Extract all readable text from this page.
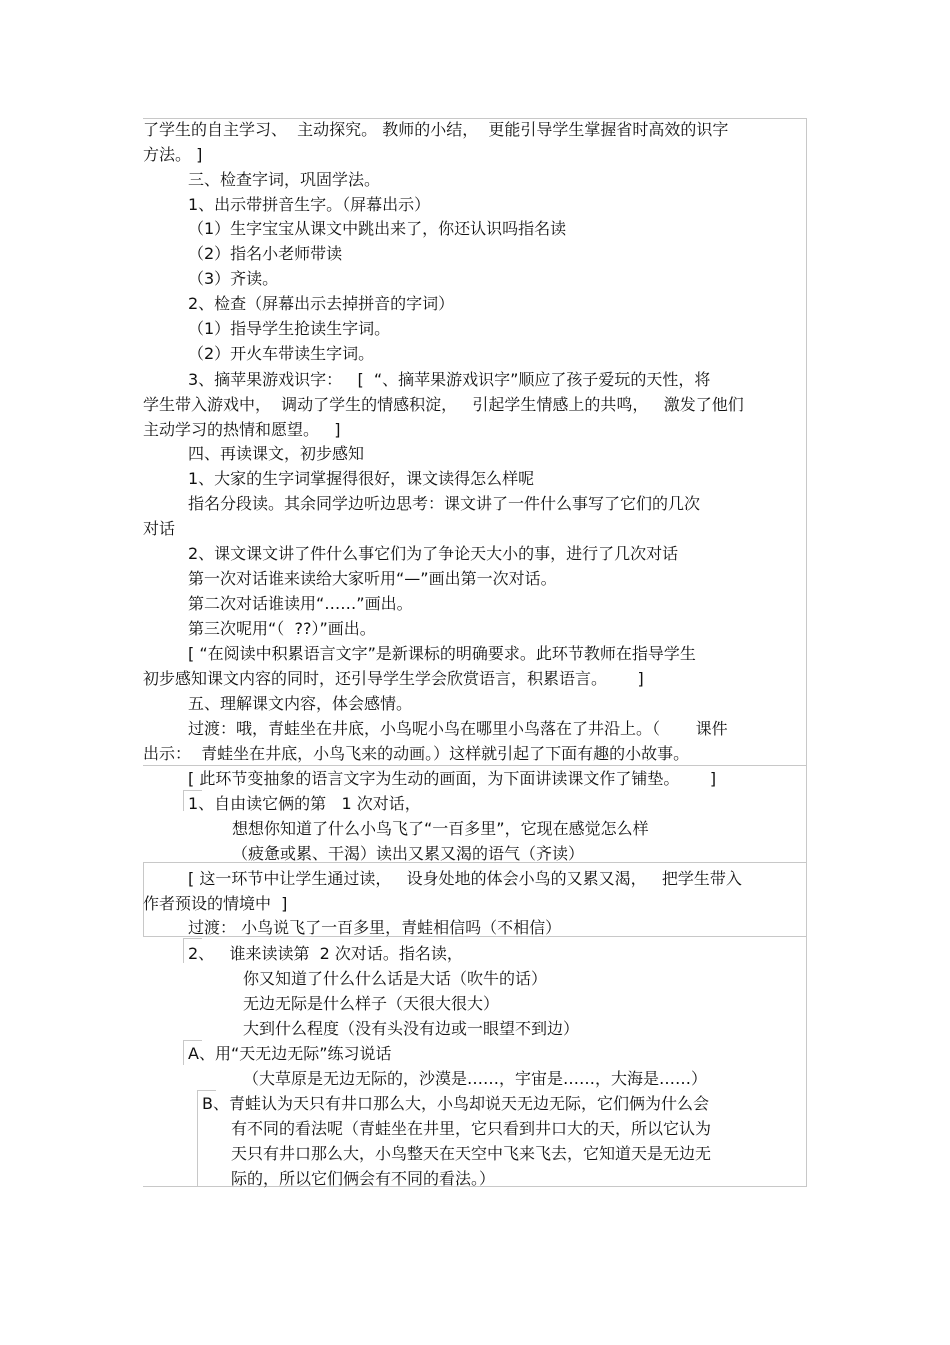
了学生的自主学习、  主动探究。 教师的小结，  更能引导学生掌握省时高效的识字
方法。 ]
三、检查字词，巩固学法。
1、出示带拼音生字。（屏幕出示）
（1）生字宝宝从课文中跳出来了，你还认识吗指名读
（2）指名小老师带读
（3）齐读。
2、检查（屏幕出示去掉拼音的字词）
（1）指导学生抢读生字词。
（2）开火车带读生字词。
3、摘苹果游戏识字：   [  “、摘苹果游戏识字”顺应了孩子爱玩的天性，将
学生带入游戏中，  调动了学生的情感积淀，   引起学生情感上的共鸣，   激发了他们
主动学习的热情和愿望。   ]
四、再读课文，初步感知
1、大家的生字词掌握得很好，课文读得怎么样呢
指名分段读。其余同学边听边思考：课文讲了一件什么事写了它们的几次
对话
2、课文课文讲了件什么事它们为了争论天大小的事，进行了几次对话
第一次对话谁来读给大家听用“—”画出第一次对话。
第二次对话谁读用“……”画出。
第三次呢用“（  ??）”画出。
[ “在阅读中积累语言文字”是新课标的明确要求。此环节教师在指导学生
初步感知课文内容的同时，还引导学生学会欣赏语言，积累语言。      ]
五、理解课文内容，体会感情。
过渡：哦，青蛙坐在井底，小鸟呢小鸟在哪里小鸟落在了井沿上。（       课件
出示：  青蛙坐在井底，小鸟飞来的动画。）这样就引起了下面有趣的小故事。
[ 此环节变抽象的语言文字为生动的画面，为下面讲读课文作了铺垫。      ]
1、自由读它俩的第   1 次对话，
想想你知道了什么小鸟飞了“一百多里”，它现在感觉怎么样
（疲惫或累、干渴）读出又累又渴的语气（齐读）
[ 这一环节中让学生通过读，   设身处地的体会小鸟的又累又渴，   把学生带入
作者预设的情境中  ]
过渡： 小鸟说飞了一百多里，青蛙相信吗（不相信）
2、   谁来读读第  2 次对话。指名读，
你又知道了什么什么话是大话（吹牛的话）
无边无际是什么样子（天很大很大）
大到什么程度（没有头没有边或一眼望不到边）
A、用“天无边无际”练习说话
（大草原是无边无际的，沙漠是……，宇宙是……，大海是……）
B、青蛙认为天只有井口那么大，小鸟却说天无边无际，它们俩为什么会
有不同的看法呢（青蛙坐在井里，它只看到井口大的天，所以它认为
天只有井口那么大，小鸟整天在天空中飞来飞去，它知道天是无边无
际的，所以它们俩会有不同的看法。）
